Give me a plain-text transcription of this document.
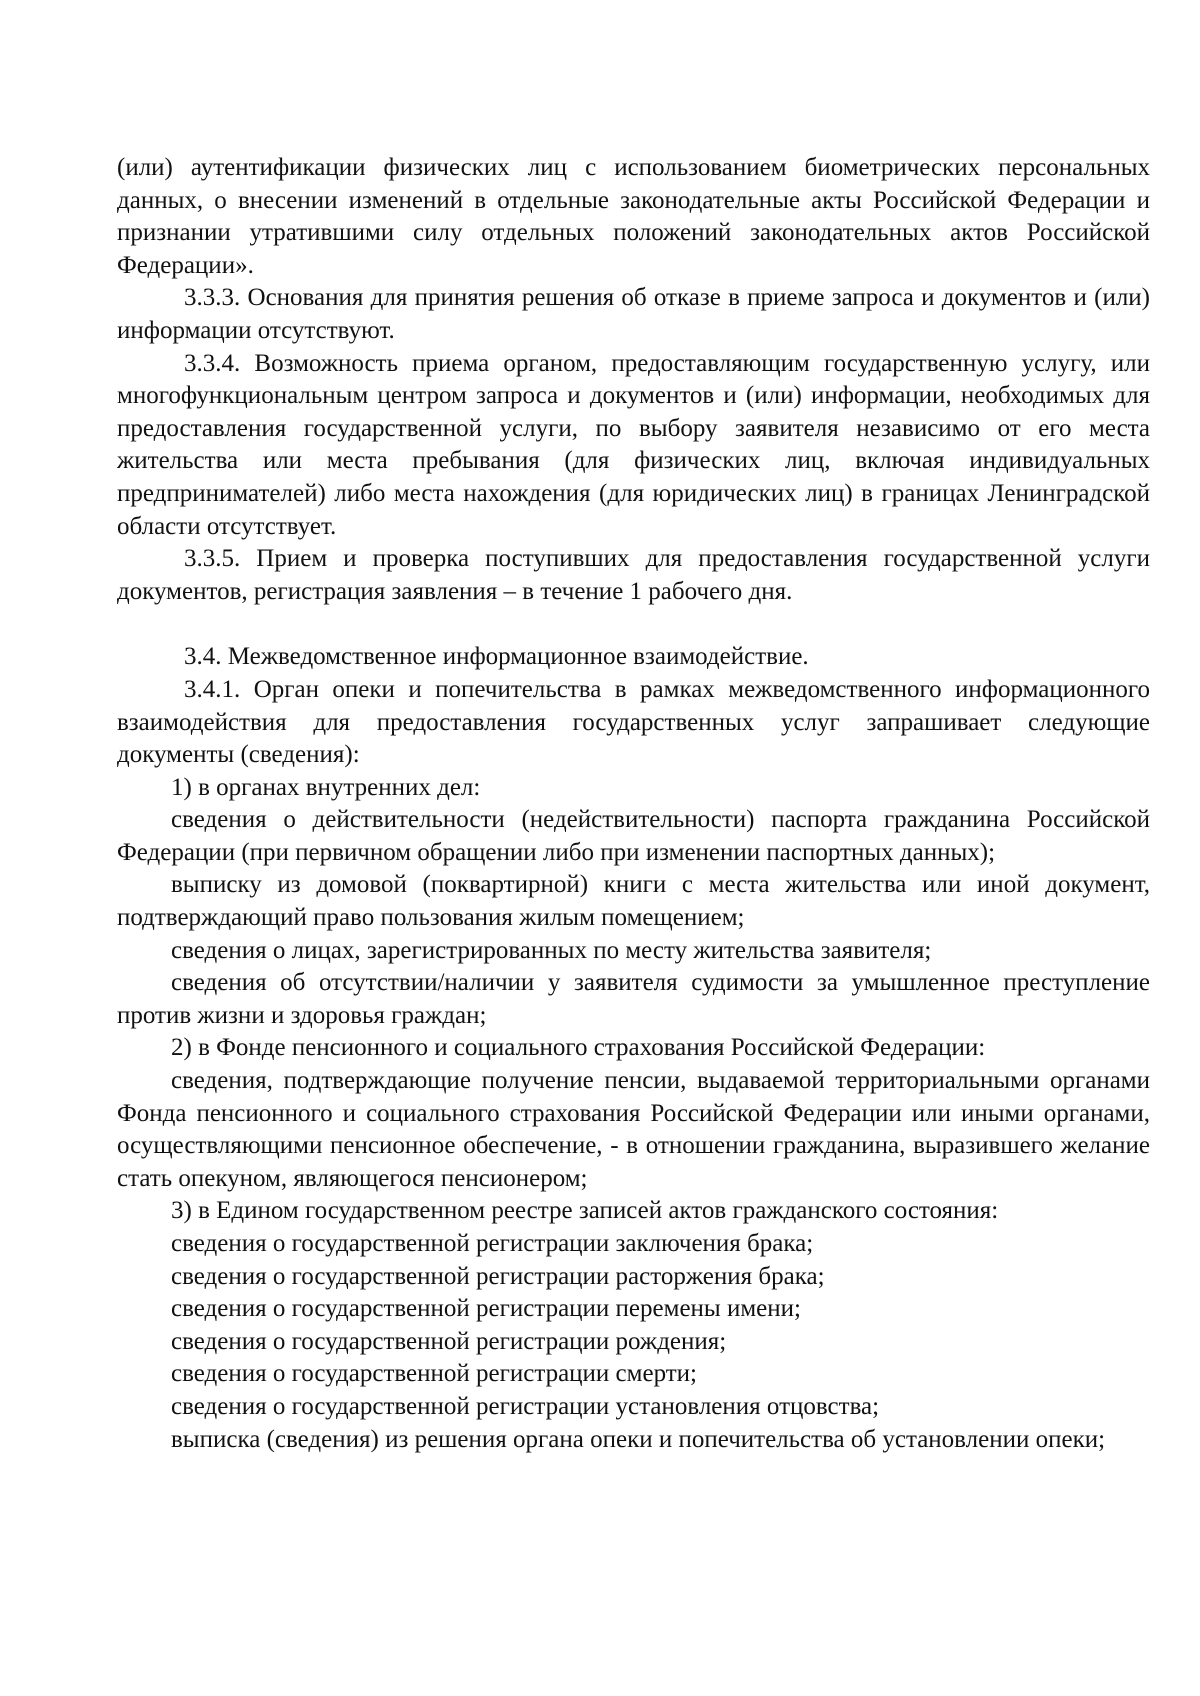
(или) аутентификации физических лиц с использованием биометрических персональных данных, о внесении изменений в отдельные законодательные акты Российской Федерации и признании утратившими силу отдельных положений законодательных актов Российской Федерации».

3.3.3. Основания для принятия решения об отказе в приеме запроса и документов и (или) информации отсутствуют.

3.3.4. Возможность приема органом, предоставляющим государственную услугу, или многофункциональным центром запроса и документов и (или) информации, необходимых для предоставления государственной услуги, по выбору заявителя независимо от его места жительства или места пребывания (для физических лиц, включая индивидуальных предпринимателей) либо места нахождения (для юридических лиц) в границах Ленинградской области отсутствует.

3.3.5. Прием и проверка поступивших для предоставления государственной услуги документов, регистрация заявления – в течение 1 рабочего дня.

3.4. Межведомственное информационное взаимодействие.

3.4.1. Орган опеки и попечительства в рамках межведомственного информационного взаимодействия для предоставления государственных услуг запрашивает следующие документы (сведения):

1) в органах внутренних дел:

сведения о действительности (недействительности) паспорта гражданина Российской Федерации (при первичном обращении либо при изменении паспортных данных);

выписку из домовой (поквартирной) книги с места жительства или иной документ, подтверждающий право пользования жилым помещением;

сведения о лицах, зарегистрированных по месту жительства заявителя;

сведения об отсутствии/наличии у заявителя судимости за умышленное преступление против жизни и здоровья граждан;

2) в Фонде пенсионного и социального страхования Российской Федерации:

сведения, подтверждающие получение пенсии, выдаваемой территориальными органами Фонда пенсионного и социального страхования Российской Федерации или иными органами, осуществляющими пенсионное обеспечение, - в отношении гражданина, выразившего желание стать опекуном, являющегося пенсионером;

3) в Едином государственном реестре записей актов гражданского состояния:

сведения о государственной регистрации заключения брака;

сведения о государственной регистрации расторжения брака;

сведения о государственной регистрации перемены имени;

сведения о государственной регистрации рождения;

сведения о государственной регистрации смерти;

сведения о государственной регистрации установления отцовства;

выписка (сведения) из решения органа опеки и попечительства об установлении опеки;
